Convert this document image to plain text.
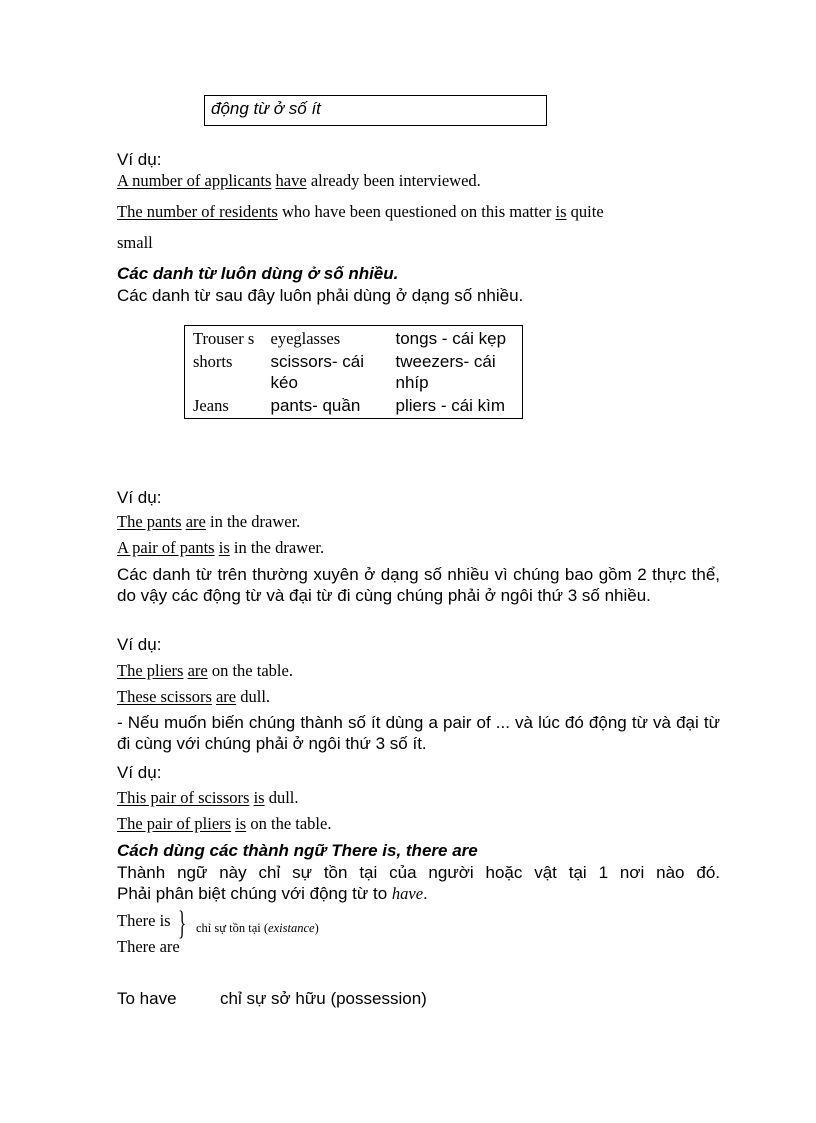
động từ ở số ít
Ví dụ:
A number of applicants have already been interviewed.
The number of residents who have been questioned on this matter is quite
small
Các danh từ luôn dùng ở số nhiều.
Các danh từ sau đây luôn phải dùng ở dạng số nhiều.
Trouser s	eyeglasses	tongs - cái kẹp
shorts	scissors- cái kéo	tweezers- cái nhíp
Jeans	pants- quần	pliers - cái kìm
Ví dụ:
The pants are in the drawer.
A pair of pants is in the drawer.
Các danh từ trên thường xuyên ở dạng số nhiều vì chúng bao gồm 2 thực thể, do vậy các động từ và đại từ đi cùng chúng phải ở ngôi thứ 3 số nhiều.
Ví dụ:
The pliers are on the table.
These scissors are dull.
- Nếu muốn biến chúng thành số ít dùng a pair of ... và lúc đó động từ và đại từ đi cùng với chúng phải ở ngôi thứ 3 số ít.
Ví dụ:
This pair of scissors is dull.
The pair of pliers is on the table.
Cách dùng các thành ngữ There is, there are
Thành ngữ này chỉ sự tồn tại của người hoặc vật tại 1 nơi nào đó.
Phải phân biệt chúng với động từ to have.
There is
There are
} chỉ sự tồn tại (existance)
To have	chỉ sự sở hữu (possession)
